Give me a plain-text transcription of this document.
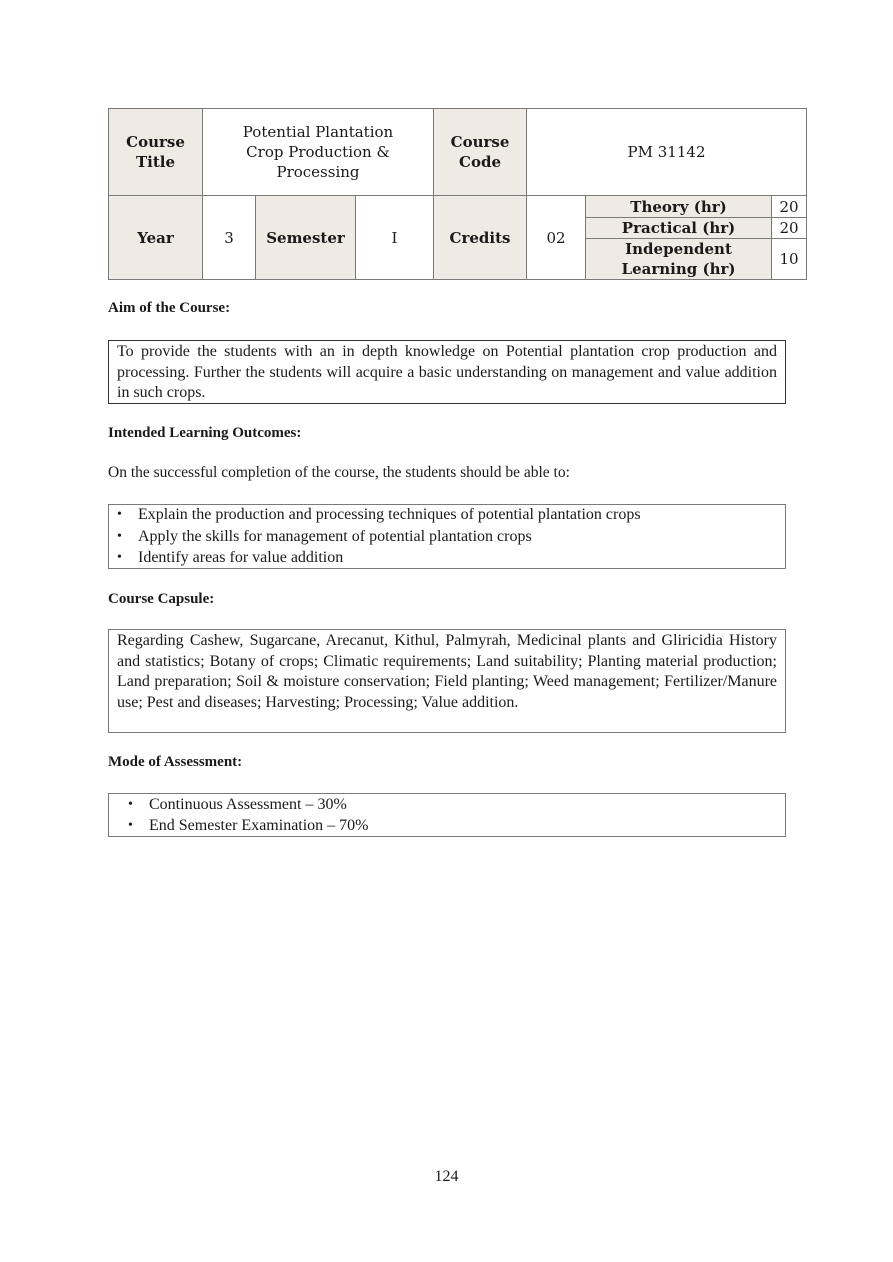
Course Title	Potential Plantation Crop Production & Processing			Course Code	PM 31142		
Year	3	Semester	I	Credits	02	Theory (hr)	20
						Practical (hr)	20

						Independent Learning (hr)	10
Aim of the Course:

To provide the students with an in depth knowledge on Potential plantation crop production and processing. Further the students will acquire a basic understanding on management and value addition in such crops.

Intended Learning Outcomes:
On the successful completion of the course, the students should be able to:
• Explain the production and processing techniques of potential plantation crops
• Apply the skills for management of potential plantation crops
• Identify areas for value addition
Course Capsule:

Regarding Cashew, Sugarcane, Arecanut, Kithul, Palmyrah, Medicinal plants and Gliricidia History and statistics; Botany of crops; Climatic requirements; Land suitability; Planting material production; Land preparation; Soil & moisture conservation; Field planting; Weed management; Fertilizer/Manure use; Pest and diseases; Harvesting; Processing; Value addition.

Mode of Assessment:
• Continuous Assessment – 30%
• End Semester Examination – 70%
124
